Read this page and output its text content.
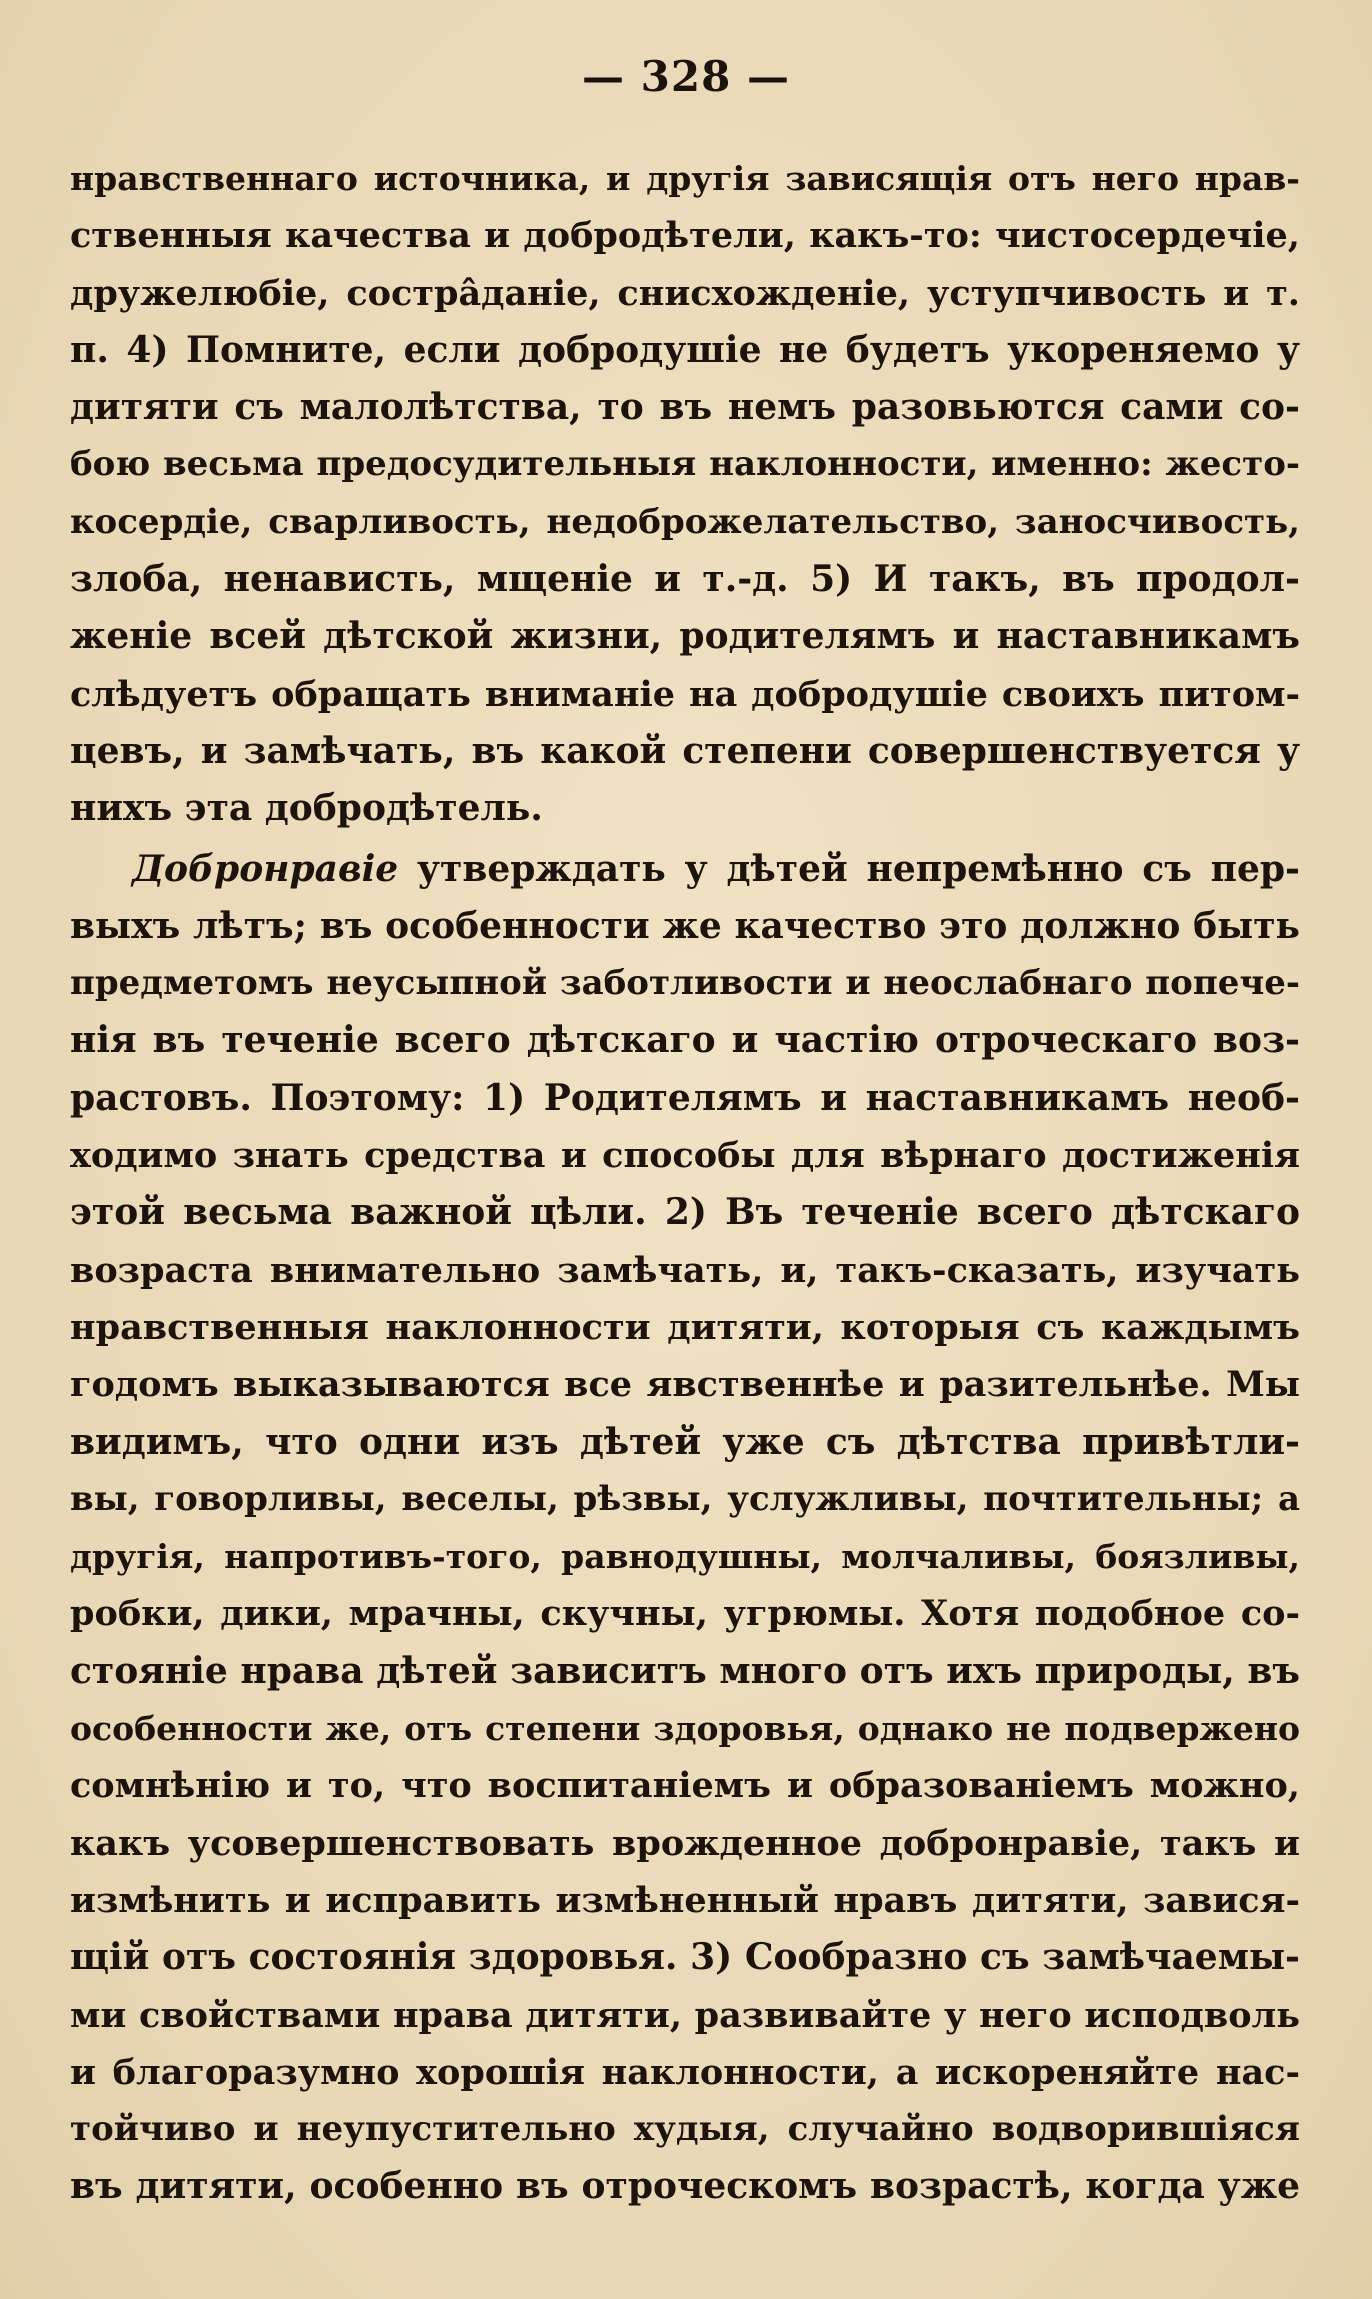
— 328 —
нравственнаго источника, и другія зависящія отъ него нрав-
ственныя качества и добродѣтели, какъ-то: чистосердечіе,
дружелюбіе, сострâданіе, снисхожденіе, уступчивость и т.
п. 4) Помните, если добродушіе не будетъ укореняемо у
дитяти съ малолѣтства, то въ немъ разовьются сами со-
бою весьма предосудительныя наклонности, именно: жесто-
косердіе, сварливость, недоброжелательство, заносчивость,
злоба, ненависть, мщеніе и т.-д. 5) И такъ, въ продол-
женіе всей дѣтской жизни, родителямъ и наставникамъ
слѣдуетъ обращать вниманіе на добродушіе своихъ питом-
цевъ, и замѣчать, въ какой степени совершенствуется у
нихъ эта добродѣтель.
Добронравіе утверждать у дѣтей непремѣнно съ пер-
выхъ лѣтъ; въ особенности же качество это должно быть
предметомъ неусыпной заботливости и неослабнаго попече-
нія въ теченіе всего дѣтскаго и частію отроческаго воз-
растовъ. Поэтому: 1) Родителямъ и наставникамъ необ-
ходимо знать средства и способы для вѣрнаго достиженія
этой весьма важной цѣли. 2) Въ теченіе всего дѣтскаго
возраста внимательно замѣчать, и, такъ-сказать, изучать
нравственныя наклонности дитяти, которыя съ каждымъ
годомъ выказываются все явственнѣе и разительнѣе. Мы
видимъ, что одни изъ дѣтей уже съ дѣтства привѣтли-
вы, говорливы, веселы, рѣзвы, услужливы, почтительны; а
другія, напротивъ-того, равнодушны, молчаливы, боязливы,
робки, дики, мрачны, скучны, угрюмы. Хотя подобное со-
стояніе нрава дѣтей зависитъ много отъ ихъ природы, въ
особенности же, отъ степени здоровья, однако не подвержено
сомнѣнію и то, что воспитаніемъ и образованіемъ можно,
какъ усовершенствовать врожденное добронравіе, такъ и
измѣнить и исправить измѣненный нравъ дитяти, завися-
щій отъ состоянія здоровья. 3) Сообразно съ замѣчаемы-
ми свойствами нрава дитяти, развивайте у него исподволь
и благоразумно хорошія наклонности, а искореняйте нас-
тойчиво и неупустительно худыя, случайно водворившіяся
въ дитяти, особенно въ отроческомъ возрастѣ, когда уже
